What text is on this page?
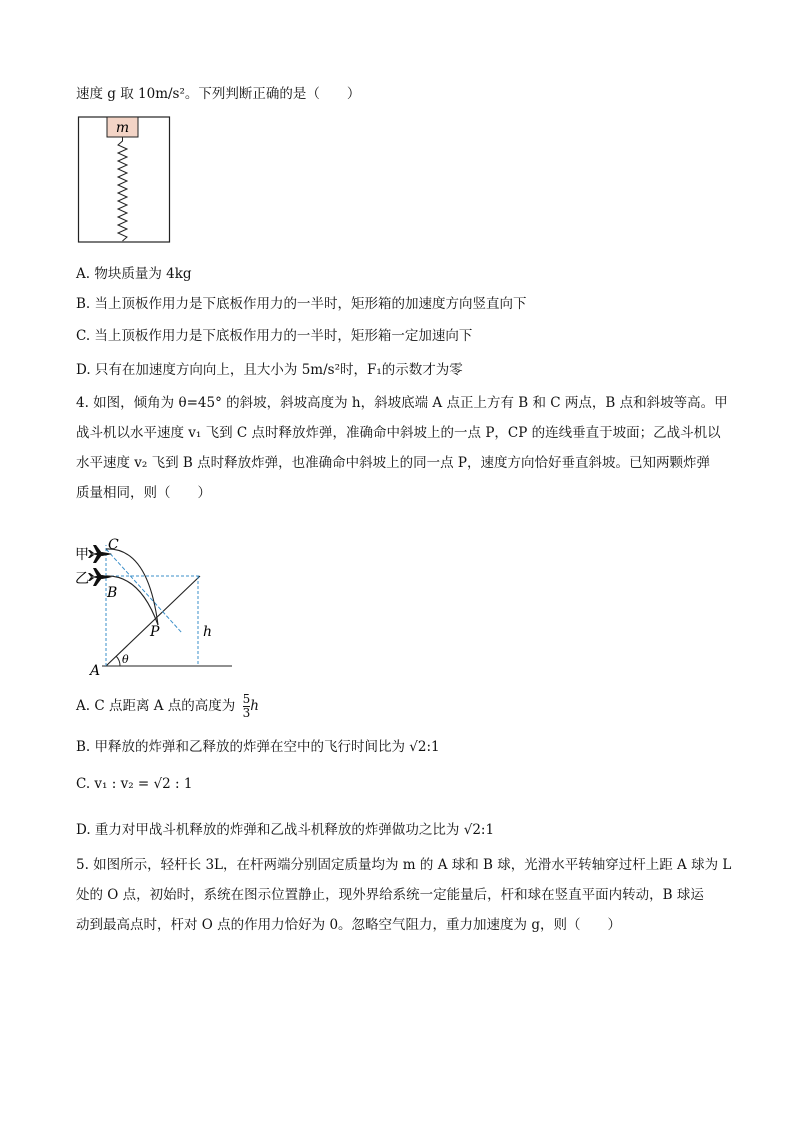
速度 g 取 10m/s²。下列判断正确的是（　　）
m
A. 物块质量为 4kg
B. 当上顶板作用力是下底板作用力的一半时，矩形箱的加速度方向竖直向下
C. 当上顶板作用力是下底板作用力的一半时，矩形箱一定加速向下
D. 只有在加速度方向向上，且大小为 5m/s²时，F₁的示数才为零
4. 如图，倾角为 θ=45° 的斜坡，斜坡高度为 h，斜坡底端 A 点正上方有 B 和 C 两点，B 点和斜坡等高。甲
战斗机以水平速度 v₁ 飞到 C 点时释放炸弹，准确命中斜坡上的一点 P，CP 的连线垂直于坡面；乙战斗机以
水平速度 v₂ 飞到 B 点时释放炸弹，也准确命中斜坡上的同一点 P，速度方向恰好垂直斜坡。已知两颗炸弹
质量相同，则（　　）
甲
乙
C
B
P	h
A
θ
A. C 点距离 A 点的高度为 $\frac{5}{3}$ h
B. 甲释放的炸弹和乙释放的炸弹在空中的飞行时间比为 √2:1
C. v₁ : v₂ = √2 : 1
D. 重力对甲战斗机释放的炸弹和乙战斗机释放的炸弹做功之比为 √2:1
5. 如图所示，轻杆长 3L，在杆两端分别固定质量均为 m 的 A 球和 B 球，光滑水平转轴穿过杆上距 A 球为 L
处的 O 点，初始时，系统在图示位置静止，现外界给系统一定能量后，杆和球在竖直平面内转动，B 球运
动到最高点时，杆对 O 点的作用力恰好为 0。忽略空气阻力，重力加速度为 g，则（　　）
